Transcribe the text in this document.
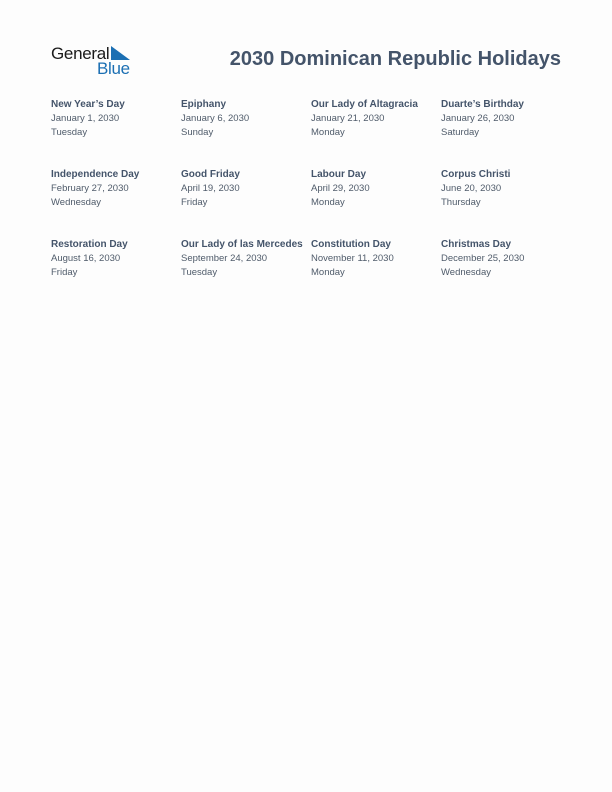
General
Blue	2030 Dominican Republic Holidays
New Year’s Day
January 1, 2030
Tuesday
Epiphany
January 6, 2030
Sunday
Our Lady of Altagracia
January 21, 2030
Monday
Duarte’s Birthday
January 26, 2030
Saturday
Independence Day
February 27, 2030
Wednesday
Good Friday
April 19, 2030
Friday
Labour Day
April 29, 2030
Monday
Corpus Christi
June 20, 2030
Thursday
Restoration Day
August 16, 2030
Friday
Our Lady of las Mercedes
September 24, 2030
Tuesday
Constitution Day
November 11, 2030
Monday
Christmas Day
December 25, 2030
Wednesday
